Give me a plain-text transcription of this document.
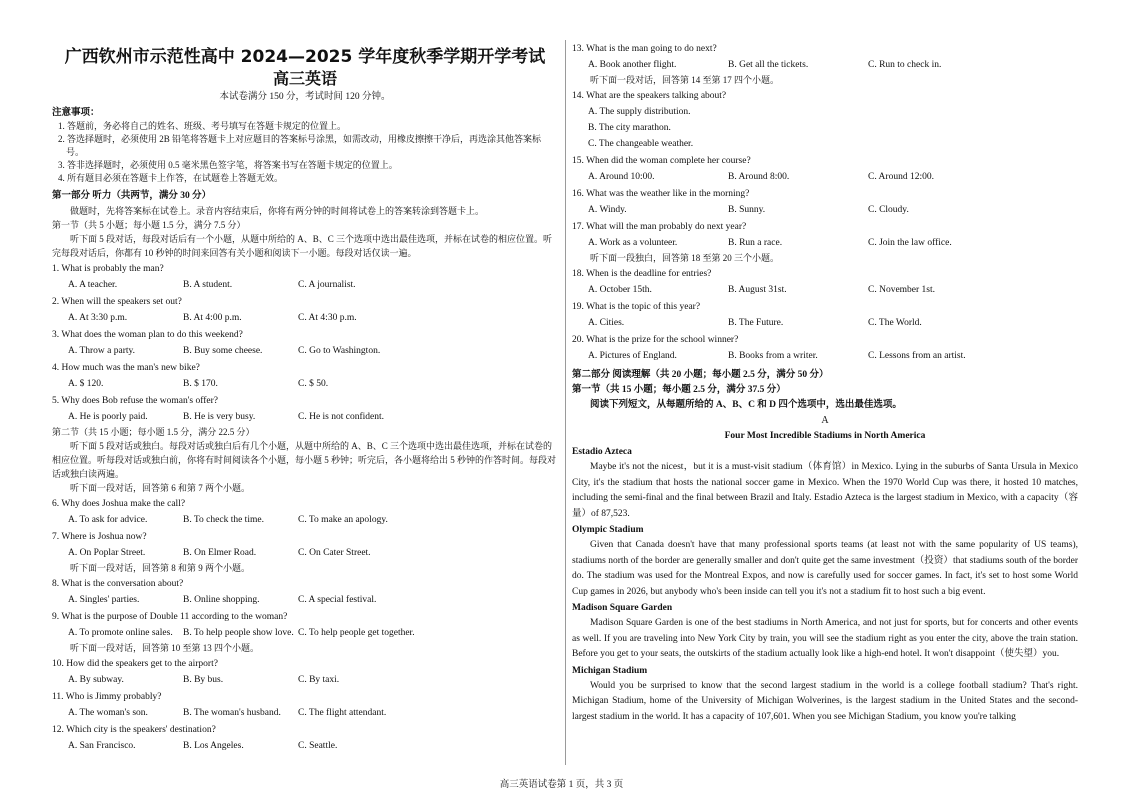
广西钦州市示范性高中 2024—2025 学年度秋季学期开学考试
高三英语
本试卷满分 150 分，考试时间 120 分钟。
注意事项：
1. 答题前，务必将自己的姓名、班级、考号填写在答题卡规定的位置上。
2. 答选择题时，必须使用 2B 铅笔将答题卡上对应题目的答案标号涂黑，如需改动，用橡皮擦擦干净后，再选涂其他答案标号。
3. 答非选择题时，必须使用 0.5 毫米黑色签字笔，将答案书写在答题卡规定的位置上。
4. 所有题目必须在答题卡上作答，在试题卷上答题无效。
第一部分 听力（共两节，满分 30 分）
做题时，先将答案标在试卷上。录音内容结束后，你将有两分钟的时间将试卷上的答案转涂到答题卡上。
第一节（共 5 小题；每小题 1.5 分，满分 7.5 分）
听下面 5 段对话，每段对话后有一个小题，从题中所给的 A、B、C 三个选项中选出最佳选项，并标在试卷的相应位置。听完每段对话后，你都有 10 秒钟的时间来回答有关小题和阅读下一小题。每段对话仅读一遍。
1. What is probably the man?
A. A teacher.	B. A student.	C. A journalist.
2. When will the speakers set out?
A. At 3:30 p.m.	B. At 4:00 p.m.	C. At 4:30 p.m.
3. What does the woman plan to do this weekend?
A. Throw a party.	B. Buy some cheese.	C. Go to Washington.
4. How much was the man's new bike?
A. $ 120.	B. $ 170.	C. $ 50.
5. Why does Bob refuse the woman's offer?
A. He is poorly paid.	B. He is very busy.	C. He is not confident.
第二节（共 15 小题；每小题 1.5 分，满分 22.5 分）
听下面 5 段对话或独白。每段对话或独白后有几个小题，从题中所给的 A、B、C 三个选项中选出最佳选项，并标在试卷的相应位置。听每段对话或独白前，你将有时间阅读各个小题，每小题 5 秒钟；听完后，各小题将给出 5 秒钟的作答时间。每段对话或独白读两遍。
听下面一段对话，回答第 6 和第 7 两个小题。
6. Why does Joshua make the call?
A. To ask for advice.	B. To check the time.	C. To make an apology.
7. Where is Joshua now?
A. On Poplar Street.	B. On Elmer Road.	C. On Cater Street.
听下面一段对话，回答第 8 和第 9 两个小题。
8. What is the conversation about?
A. Singles' parties.	B. Online shopping.	C. A special festival.
9. What is the purpose of Double 11 according to the woman?
A. To promote online sales.	B. To help people show love. C. To help people get together.
听下面一段对话，回答第 10 至第 13 四个小题。
10. How did the speakers get to the airport?
A. By subway.	B. By bus.	C. By taxi.
11. Who is Jimmy probably?
A. The woman's son.	B. The woman's husband.	C. The flight attendant.
12. Which city is the speakers' destination?
A. San Francisco.	B. Los Angeles.	C. Seattle.
13. What is the man going to do next?
A. Book another flight.	B. Get all the tickets.	C. Run to check in.
听下面一段对话，回答第 14 至第 17 四个小题。
14. What are the speakers talking about?
A. The supply distribution.
B. The city marathon.
C. The changeable weather.
15. When did the woman complete her course?
A. Around 10:00.	B. Around 8:00.	C. Around 12:00.
16. What was the weather like in the morning?
A. Windy.	B. Sunny.	C. Cloudy.
17. What will the man probably do next year?
A. Work as a volunteer.	B. Run a race.	C. Join the law office.
听下面一段独白，回答第 18 至第 20 三个小题。
18. When is the deadline for entries?
A. October 15th.	B. August 31st.	C. November 1st.
19. What is the topic of this year?
A. Cities.	B. The Future.	C. The World.
20. What is the prize for the school winner?
A. Pictures of England.	B. Books from a writer.	C. Lessons from an artist.
第二部分 阅读理解（共 20 小题；每小题 2.5 分，满分 50 分）
第一节（共 15 小题；每小题 2.5 分，满分 37.5 分）
阅读下列短文，从每题所给的 A、B、C 和 D 四个选项中，选出最佳选项。
A
Four Most Incredible Stadiums in North America
Estadio Azteca
Maybe it's not the nicest，but it is a must-visit stadium（体育馆）in Mexico. Lying in the suburbs of Santa Ursula in Mexico City, it's the stadium that hosts the national soccer game in Mexico. When the 1970 World Cup was there, it hosted 10 matches, including the semi-final and the final between Brazil and Italy. Estadio Azteca is the largest stadium in Mexico, with a capacity（容量）of 87,523.
Olympic Stadium
Given that Canada doesn't have that many professional sports teams (at least not with the same popularity of US teams), stadiums north of the border are generally smaller and don't quite get the same investment（投资）that stadiums south of the border do. The stadium was used for the Montreal Expos, and now is carefully used for soccer games. In fact, it's set to host some World Cup games in 2026, but anybody who's been inside can tell you it's not a stadium fit to host such a big event.
Madison Square Garden
Madison Square Garden is one of the best stadiums in North America, and not just for sports, but for concerts and other events as well. If you are traveling into New York City by train, you will see the stadium right as you enter the city, above the train station. Before you get to your seats, the outskirts of the stadium actually look like a high-end hotel. It won't disappoint（使失望）you.
Michigan Stadium
Would you be surprised to know that the second largest stadium in the world is a college football stadium? That's right. Michigan Stadium, home of the University of Michigan Wolverines, is the largest stadium in the United States and the second-largest stadium in the world. It has a capacity of 107,601. When you see Michigan Stadium, you know you're talking
高三英语试卷第 1 页，共 3 页
